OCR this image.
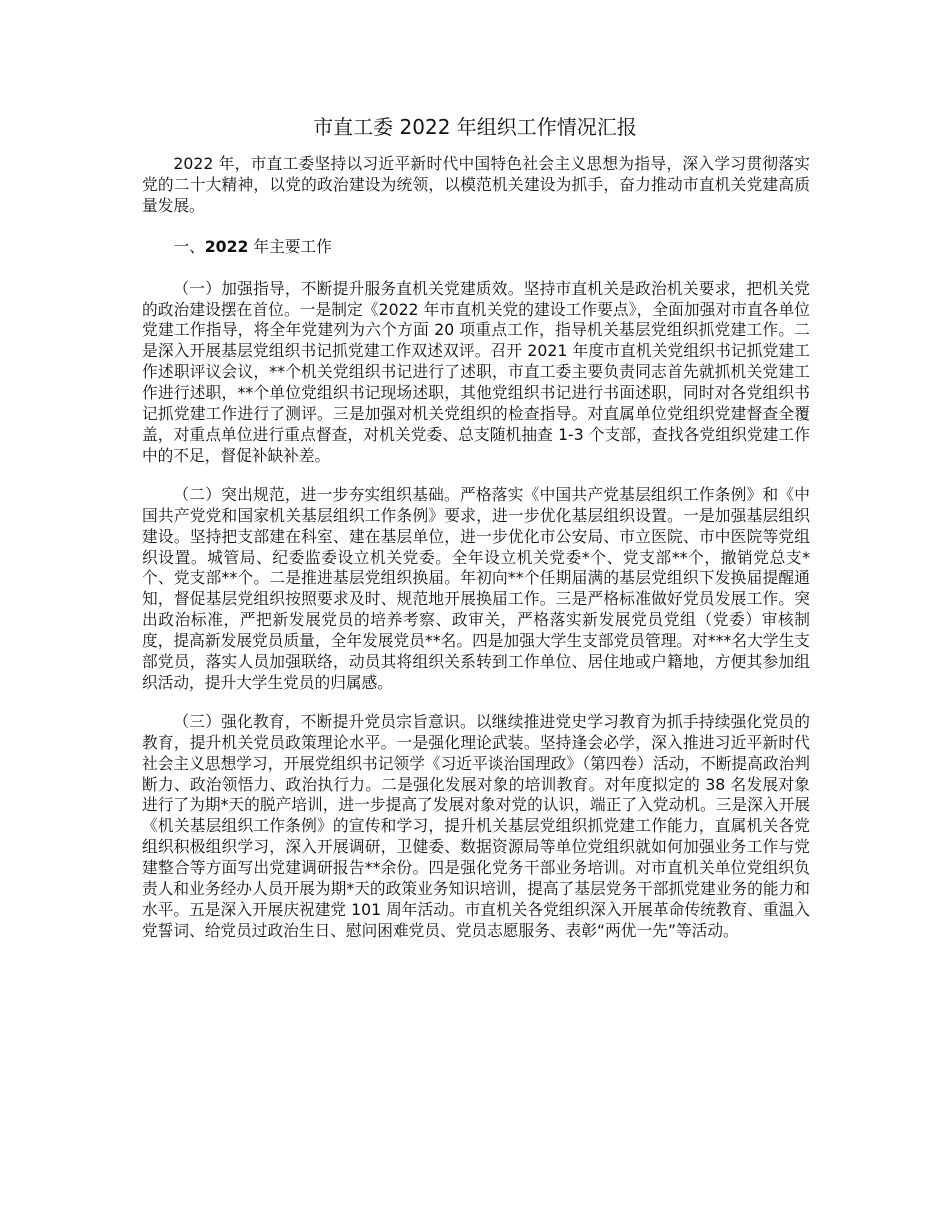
市直工委 2022 年组织工作情况汇报

2022 年，市直工委坚持以习近平新时代中国特色社会主义思想为指导，深入学习贯彻落实党的二十大精神，以党的政治建设为统领，以模范机关建设为抓手，奋力推动市直机关党建高质量发展。

一、2022 年主要工作

（一）加强指导，不断提升服务直机关党建质效。坚持市直机关是政治机关要求，把机关党的政治建设摆在首位。一是制定《2022 年市直机关党的建设工作要点》，全面加强对市直各单位党建工作指导，将全年党建列为六个方面 20 项重点工作，指导机关基层党组织抓党建工作。二是深入开展基层党组织书记抓党建工作双述双评。召开 2021 年度市直机关党组织书记抓党建工作述职评议会议，**个机关党组织书记进行了述职，市直工委主要负责同志首先就抓机关党建工作进行述职，**个单位党组织书记现场述职，其他党组织书记进行书面述职，同时对各党组织书记抓党建工作进行了测评。三是加强对机关党组织的检查指导。对直属单位党组织党建督查全覆盖，对重点单位进行重点督查，对机关党委、总支随机抽查 1-3 个支部，查找各党组织党建工作中的不足，督促补缺补差。

（二）突出规范，进一步夯实组织基础。严格落实《中国共产党基层组织工作条例》和《中国共产党党和国家机关基层组织工作条例》要求，进一步优化基层组织设置。一是加强基层组织建设。坚持把支部建在科室、建在基层单位，进一步优化市公安局、市立医院、市中医院等党组织设置。城管局、纪委监委设立机关党委。全年设立机关党委*个、党支部**个，撤销党总支*个、党支部**个。二是推进基层党组织换届。年初向**个任期届满的基层党组织下发换届提醒通知，督促基层党组织按照要求及时、规范地开展换届工作。三是严格标准做好党员发展工作。突出政治标准，严把新发展党员的培养考察、政审关，严格落实新发展党员党组（党委）审核制度，提高新发展党员质量，全年发展党员**名。四是加强大学生支部党员管理。对***名大学生支部党员，落实人员加强联络，动员其将组织关系转到工作单位、居住地或户籍地，方便其参加组织活动，提升大学生党员的归属感。

（三）强化教育，不断提升党员宗旨意识。以继续推进党史学习教育为抓手持续强化党员的教育，提升机关党员政策理论水平。一是强化理论武装。坚持逢会必学，深入推进习近平新时代社会主义思想学习，开展党组织书记领学《习近平谈治国理政》（第四卷）活动，不断提高政治判断力、政治领悟力、政治执行力。二是强化发展对象的培训教育。对年度拟定的 38 名发展对象进行了为期*天的脱产培训，进一步提高了发展对象对党的认识，端正了入党动机。三是深入开展《机关基层组织工作条例》的宣传和学习，提升机关基层党组织抓党建工作能力，直属机关各党组织积极组织学习，深入开展调研，卫健委、数据资源局等单位党组织就如何加强业务工作与党建整合等方面写出党建调研报告**余份。四是强化党务干部业务培训。对市直机关单位党组织负责人和业务经办人员开展为期*天的政策业务知识培训，提高了基层党务干部抓党建业务的能力和水平。五是深入开展庆祝建党 101 周年活动。市直机关各党组织深入开展革命传统教育、重温入党誓词、给党员过政治生日、慰问困难党员、党员志愿服务、表彰“两优一先”等活动。
